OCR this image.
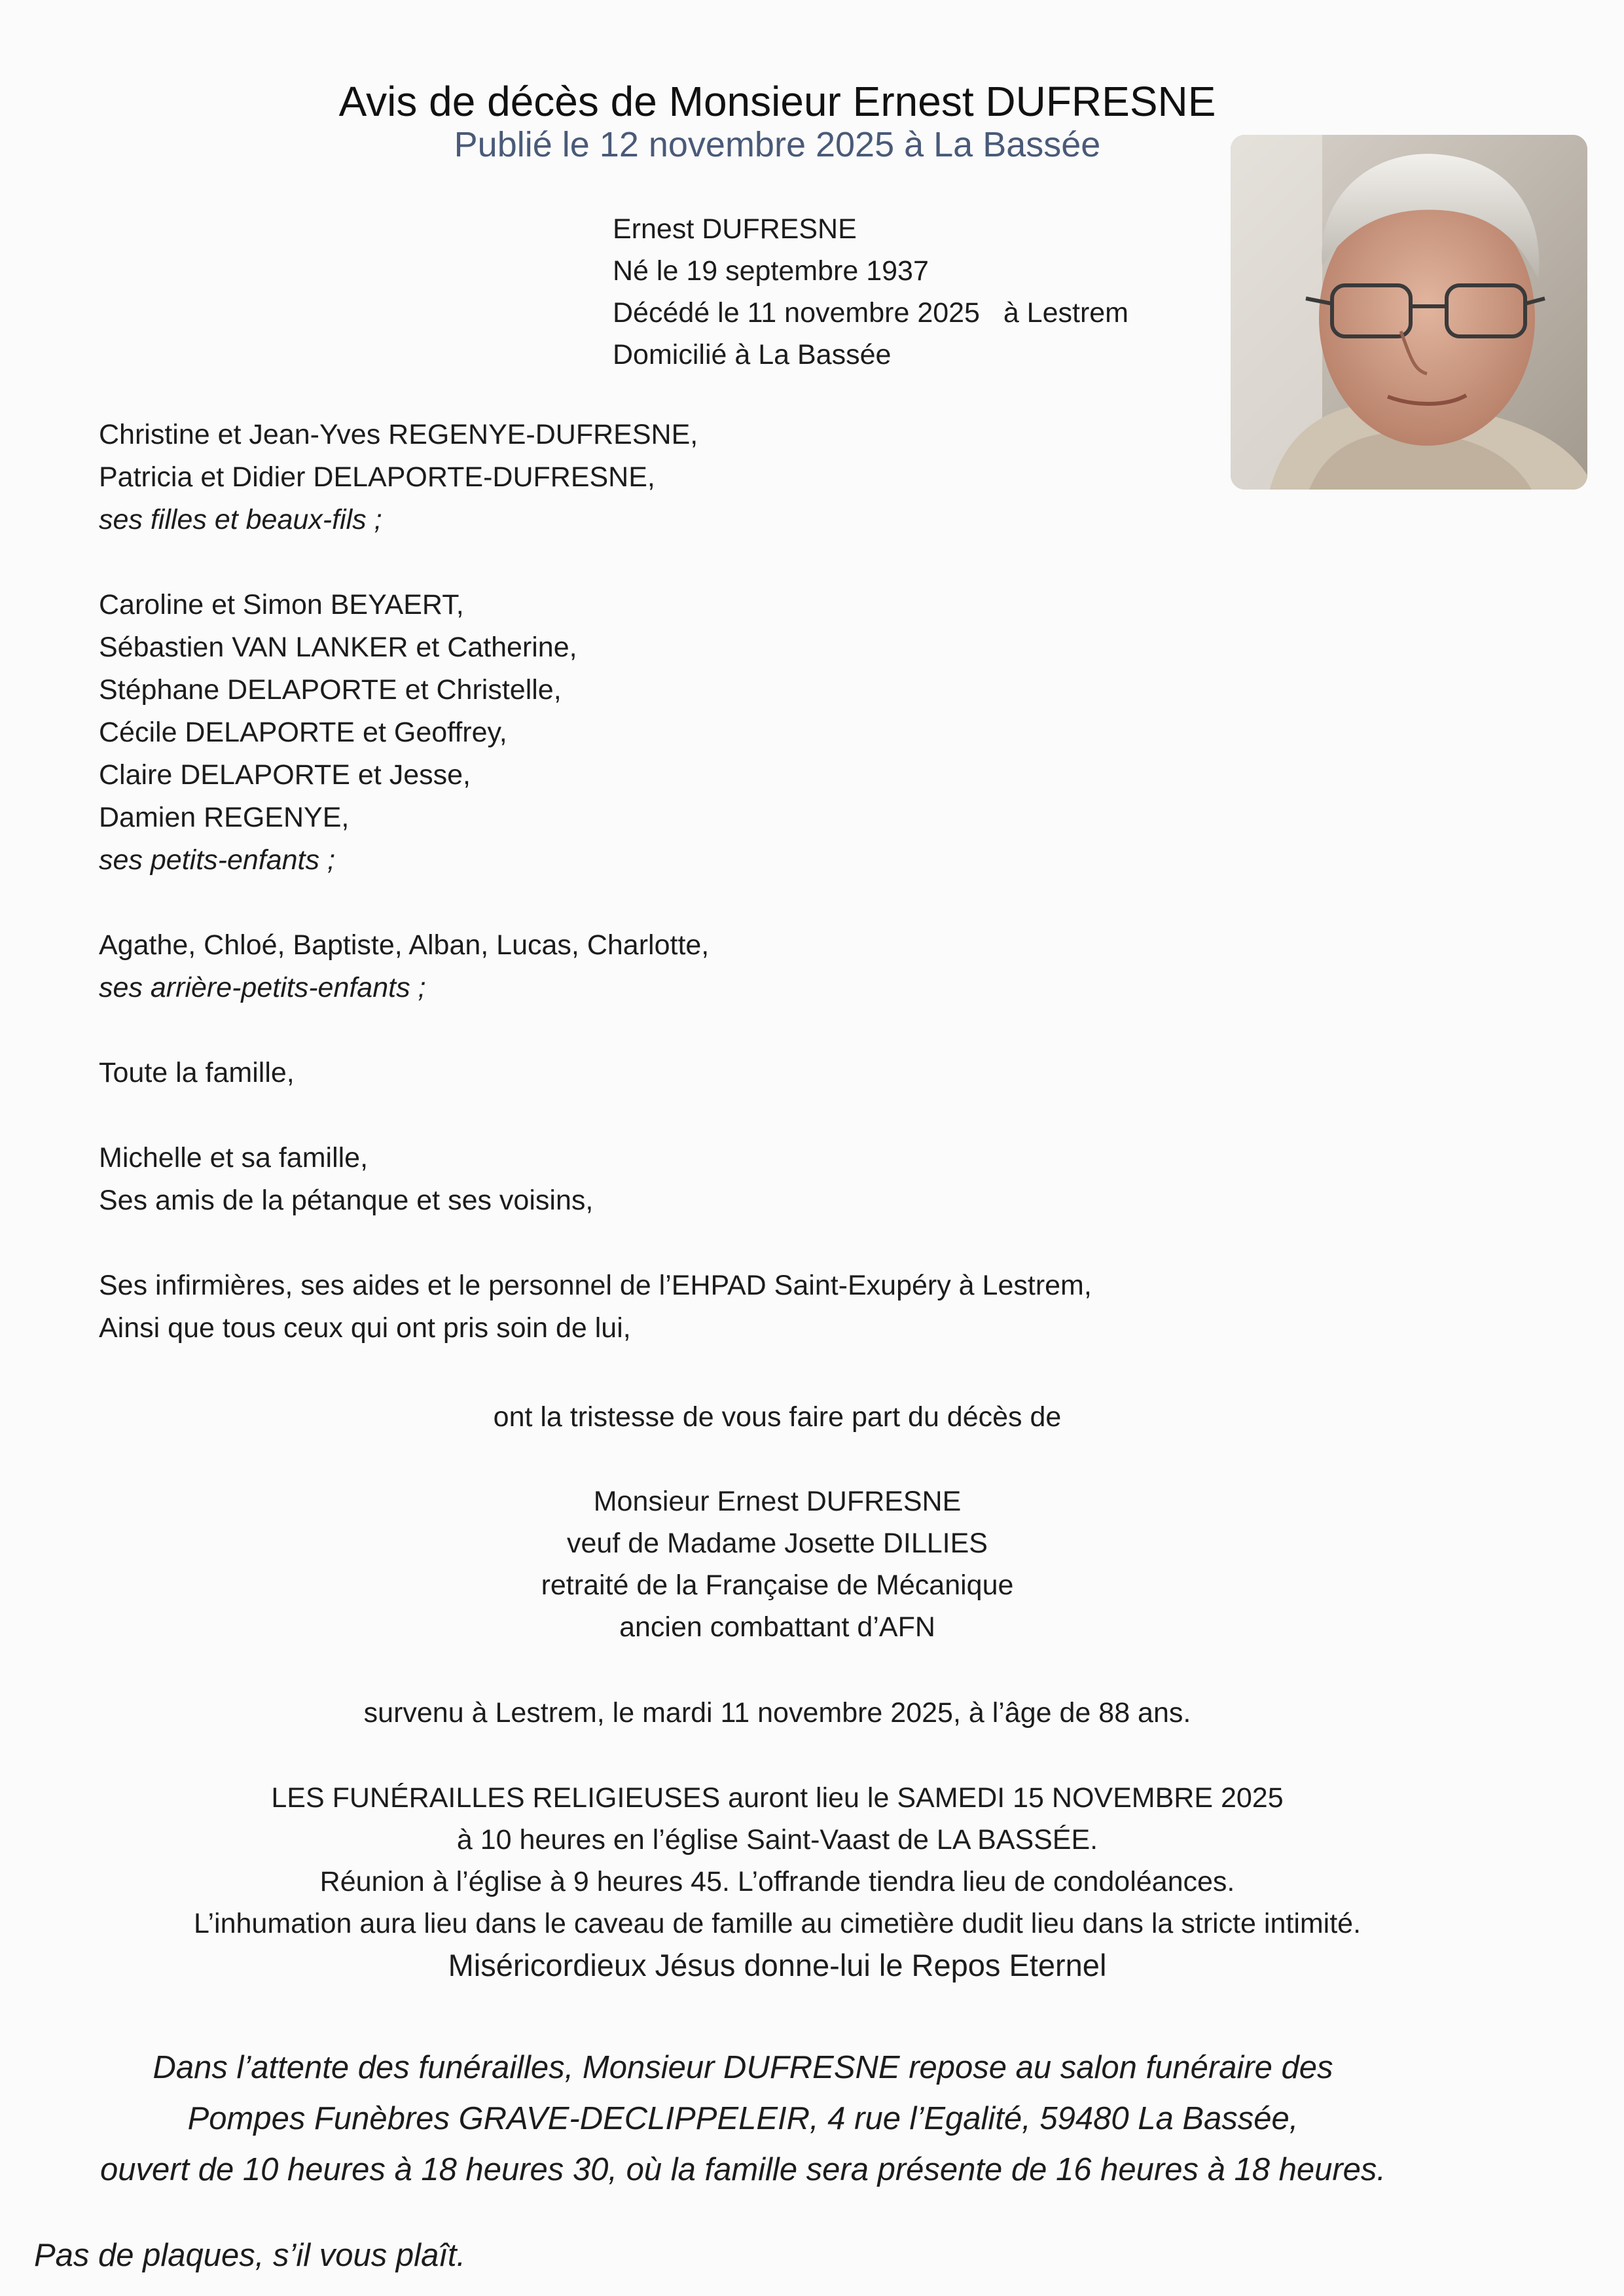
Avis de décès de Monsieur Ernest DUFRESNE
Publié le 12 novembre 2025 à La Bassée
Ernest DUFRESNE
Né le 19 septembre 1937
Décédé le 11 novembre 2025   à Lestrem
Domicilié à La Bassée
Christine et Jean-Yves REGENYE-DUFRESNE,
Patricia et Didier DELAPORTE-DUFRESNE,
ses filles et beaux-fils ;
Caroline et Simon BEYAERT,
Sébastien VAN LANKER et Catherine,
Stéphane DELAPORTE et Christelle,
Cécile DELAPORTE et Geoffrey,
Claire DELAPORTE et Jesse,
Damien REGENYE,
ses petits-enfants ;
Agathe, Chloé, Baptiste, Alban, Lucas, Charlotte,
ses arrière-petits-enfants ;
Toute la famille,
Michelle et sa famille,
Ses amis de la pétanque et ses voisins,
Ses infirmières, ses aides et le personnel de l’EHPAD Saint-Exupéry à Lestrem,
Ainsi que tous ceux qui ont pris soin de lui,
ont la tristesse de vous faire part du décès de
Monsieur Ernest DUFRESNE
veuf de Madame Josette DILLIES
retraité de la Française de Mécanique
ancien combattant d’AFN
survenu à Lestrem, le mardi 11 novembre 2025, à l’âge de 88 ans.
LES FUNÉRAILLES RELIGIEUSES auront lieu le SAMEDI 15 NOVEMBRE 2025
à 10 heures en l’église Saint-Vaast de LA BASSÉE.
Réunion à l’église à 9 heures 45. L’offrande tiendra lieu de condoléances.
L’inhumation aura lieu dans le caveau de famille au cimetière dudit lieu dans la stricte intimité.
Miséricordieux Jésus donne-lui le Repos Eternel
Dans l’attente des funérailles, Monsieur DUFRESNE repose au salon funéraire des
Pompes Funèbres GRAVE-DECLIPPELEIR, 4 rue l’Egalité, 59480 La Bassée,
ouvert de 10 heures à 18 heures 30, où la famille sera présente de 16 heures à 18 heures.
Pas de plaques, s’il vous plaît.
